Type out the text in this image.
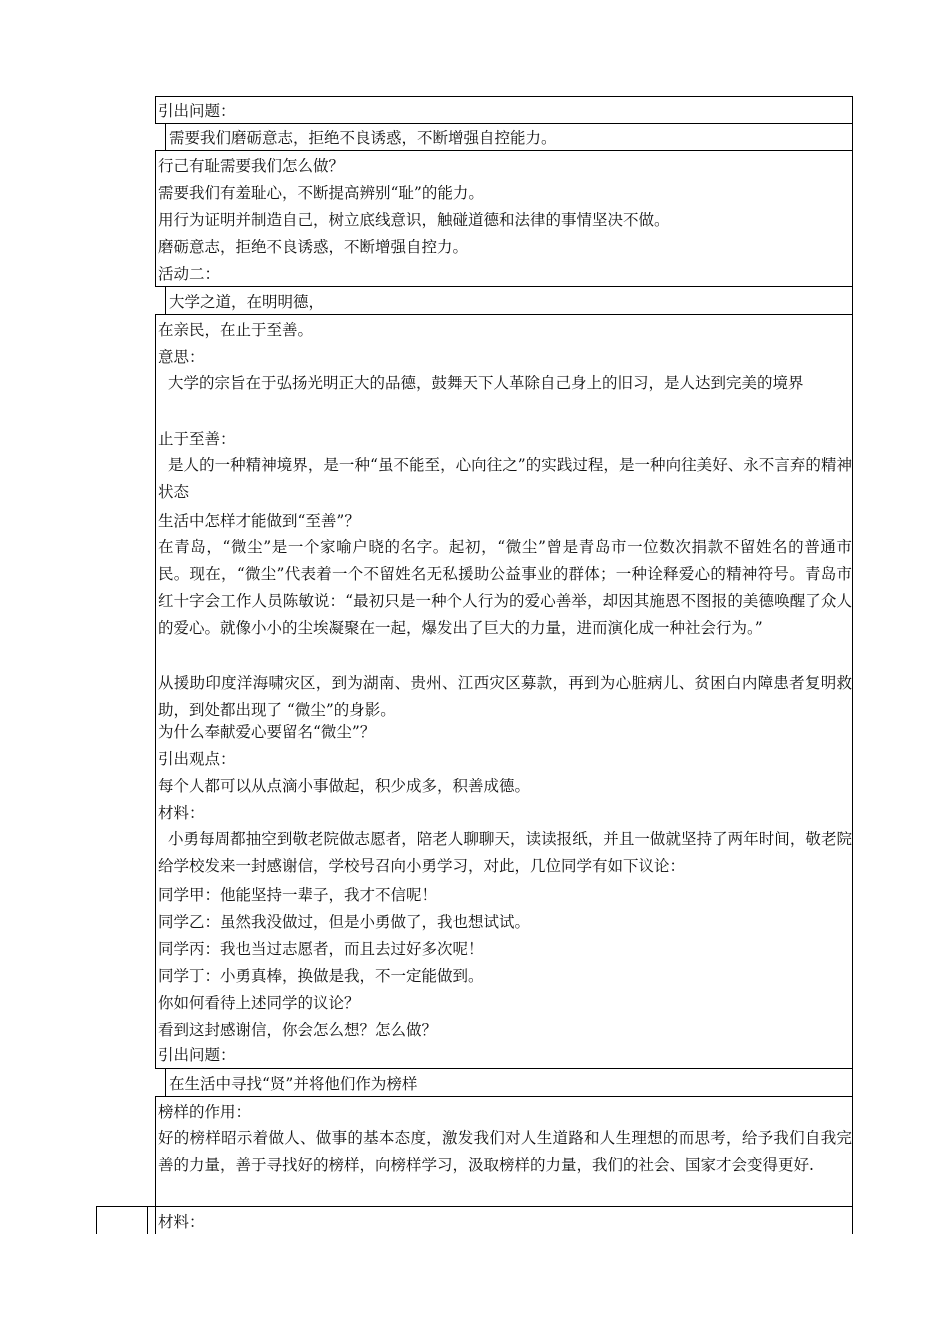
引出问题：
需要我们磨砺意志，拒绝不良诱惑，不断增强自控能力。
行己有耻需要我们怎么做？
需要我们有羞耻心，不断提高辨别“耻”的能力。
用行为证明并制造自己，树立底线意识，触碰道德和法律的事情坚决不做。
磨砺意志，拒绝不良诱惑，不断增强自控力。
活动二：
大学之道，在明明德，
在亲民，在止于至善。
意思：
大学的宗旨在于弘扬光明正大的品德，鼓舞天下人革除自己身上的旧习，是人达到完美的境界
止于至善：
是人的一种精神境界，是一种“虽不能至，心向往之”的实践过程，是一种向往美好、永不言弃的精神状态
生活中怎样才能做到“至善”？
在青岛，“微尘”是一个家喻户晓的名字。起初，“微尘”曾是青岛市一位数次捐款不留姓名的普通市民。现在，“微尘”代表着一个不留姓名无私援助公益事业的群体；一种诠释爱心的精神符号。青岛市红十字会工作人员陈敏说：“最初只是一种个人行为的爱心善举，却因其施恩不图报的美德唤醒了众人的爱心。就像小小的尘埃凝聚在一起，爆发出了巨大的力量，进而演化成一种社会行为。”
从援助印度洋海啸灾区，到为湖南、贵州、江西灾区募款，再到为心脏病儿、贫困白内障患者复明救助，到处都出现了 “微尘”的身影。
为什么奉献爱心要留名“微尘”？
引出观点：
每个人都可以从点滴小事做起，积少成多，积善成德。
材料：
小勇每周都抽空到敬老院做志愿者，陪老人聊聊天，读读报纸，并且一做就坚持了两年时间，敬老院给学校发来一封感谢信，学校号召向小勇学习，对此，几位同学有如下议论：
同学甲：他能坚持一辈子，我才不信呢！
同学乙：虽然我没做过，但是小勇做了，我也想试试。
同学丙：我也当过志愿者，而且去过好多次呢！
同学丁：小勇真棒，换做是我，不一定能做到。
你如何看待上述同学的议论？
看到这封感谢信，你会怎么想？怎么做？
引出问题：
在生活中寻找“贤”并将他们作为榜样
榜样的作用：
好的榜样昭示着做人、做事的基本态度，激发我们对人生道路和人生理想的而思考，给予我们自我完善的力量，善于寻找好的榜样，向榜样学习，汲取榜样的力量，我们的社会、国家才会变得更好.
材料：
